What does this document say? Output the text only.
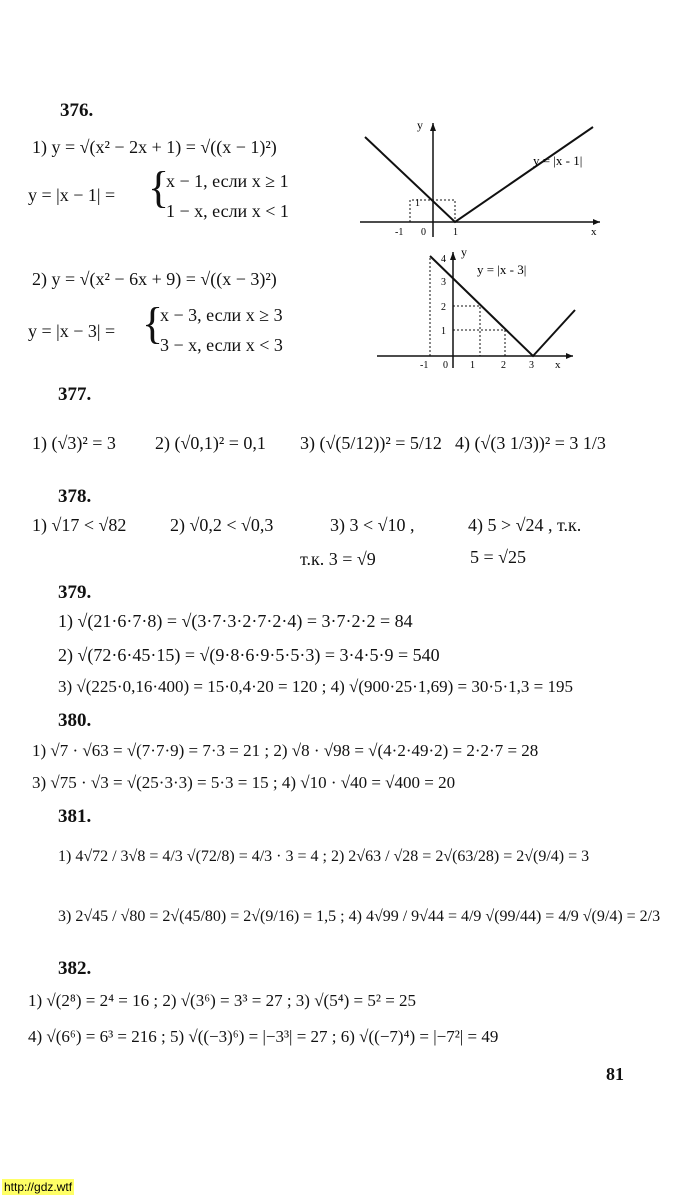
376.
1) y = √(x² − 2x + 1) = √((x − 1)²)
y = |x − 1| = {
x − 1, если x ≥ 1
1 − x, если x < 1
2) y = √(x² − 6x + 9) = √((x − 3)²)
y = |x − 3| = {
x − 3, если x ≥ 3
3 − x, если x < 3
y
y = |x - 1|
-1 0	1
1
x
y
y = |x - 3|
4
3
2
1
-1 0 1	2 3 x
377.
1) (√3)² = 3 2) (√0,1)² = 0,1 3) (√(5/12))² = 5/12 4) (√(3 1/3))² = 3 1/3
378.
1) √17 < √82 2) √0,2 < √0,3	3) 3 < √10 ,	4) 5 > √24 , т.к.
т.к. 3 = √9	5 = √25
379.
1) √(21·6·7·8) = √(3·7·3·2·7·2·4) = 3·7·2·2 = 84
2) √(72·6·45·15) = √(9·8·6·9·5·5·3) = 3·4·5·9 = 540
3) √(225·0,16·400) = 15·0,4·20 = 120 ; 4) √(900·25·1,69) = 30·5·1,3 = 195
380.
1) √7 · √63 = √(7·7·9) = 7·3 = 21 ; 2) √8 · √98 = √(4·2·49·2) = 2·2·7 = 28
3) √75 · √3 = √(25·3·3) = 5·3 = 15 ; 4) √10 · √40 = √400 = 20
381.
1) 4√72 / 3√8 = 4/3 √(72/8) = 4/3 · 3 = 4 ; 2) 2√63 / √28 = 2√(63/28) = 2√(9/4) = 3
3) 2√45 / √80 = 2√(45/80) = 2√(9/16) = 1,5 ; 4) 4√99 / 9√44 = 4/9 √(99/44) = 4/9 √(9/4) = 2/3
382.
1) √(2⁸) = 2⁴ = 16 ; 2) √(3⁶) = 3³ = 27 ; 3) √(5⁴) = 5² = 25
4) √(6⁶) = 6³ = 216 ; 5) √((−3)⁶) = |−3³| = 27 ; 6) √((−7)⁴) = |−7²| = 49
81
http://gdz.wtf
